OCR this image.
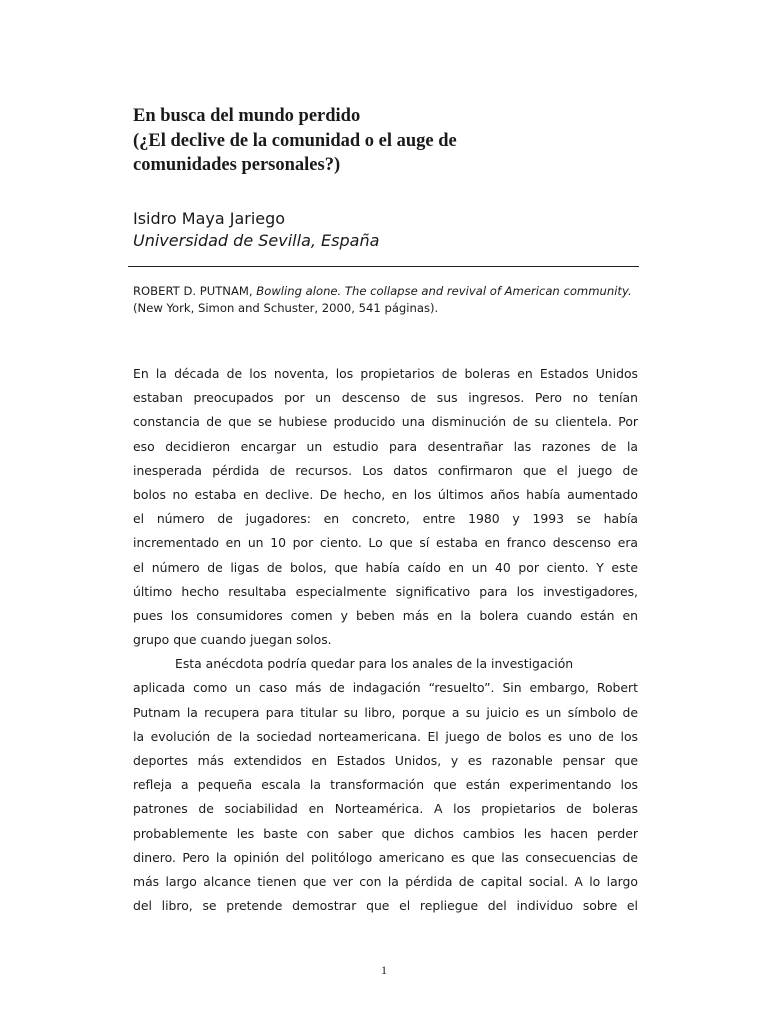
En busca del mundo perdido
(¿El declive de la comunidad o el auge de
comunidades personales?)
Isidro Maya Jariego
Universidad de Sevilla, España

ROBERT D. PUTNAM, Bowling alone. The collapse and revival of American community. (New York, Simon and Schuster, 2000, 541 páginas).

En la década de los noventa, los propietarios de boleras en Estados Unidos
estaban preocupados por un descenso de sus ingresos. Pero no tenían
constancia de que se hubiese producido una disminución de su clientela. Por
eso decidieron encargar un estudio para desentrañar las razones de la
inesperada pérdida de recursos. Los datos confirmaron que el juego de
bolos no estaba en declive. De hecho, en los últimos años había aumentado
el número de jugadores: en concreto, entre 1980 y 1993 se había
incrementado en un 10 por ciento. Lo que sí estaba en franco descenso era
el número de ligas de bolos, que había caído en un 40 por ciento. Y este
último hecho resultaba especialmente significativo para los investigadores,
pues los consumidores comen y beben más en la bolera cuando están en
grupo que cuando juegan solos.
Esta anécdota podría quedar para los anales de la investigación
aplicada como un caso más de indagación “resuelto”. Sin embargo, Robert
Putnam la recupera para titular su libro, porque a su juicio es un símbolo de
la evolución de la sociedad norteamericana. El juego de bolos es uno de los
deportes más extendidos en Estados Unidos, y es razonable pensar que
refleja a pequeña escala la transformación que están experimentando los
patrones de sociabilidad en Norteamérica. A los propietarios de boleras
probablemente les baste con saber que dichos cambios les hacen perder
dinero. Pero la opinión del politólogo americano es que las consecuencias de
más largo alcance tienen que ver con la pérdida de capital social. A lo largo
del libro, se pretende demostrar que el repliegue del individuo sobre el
1
